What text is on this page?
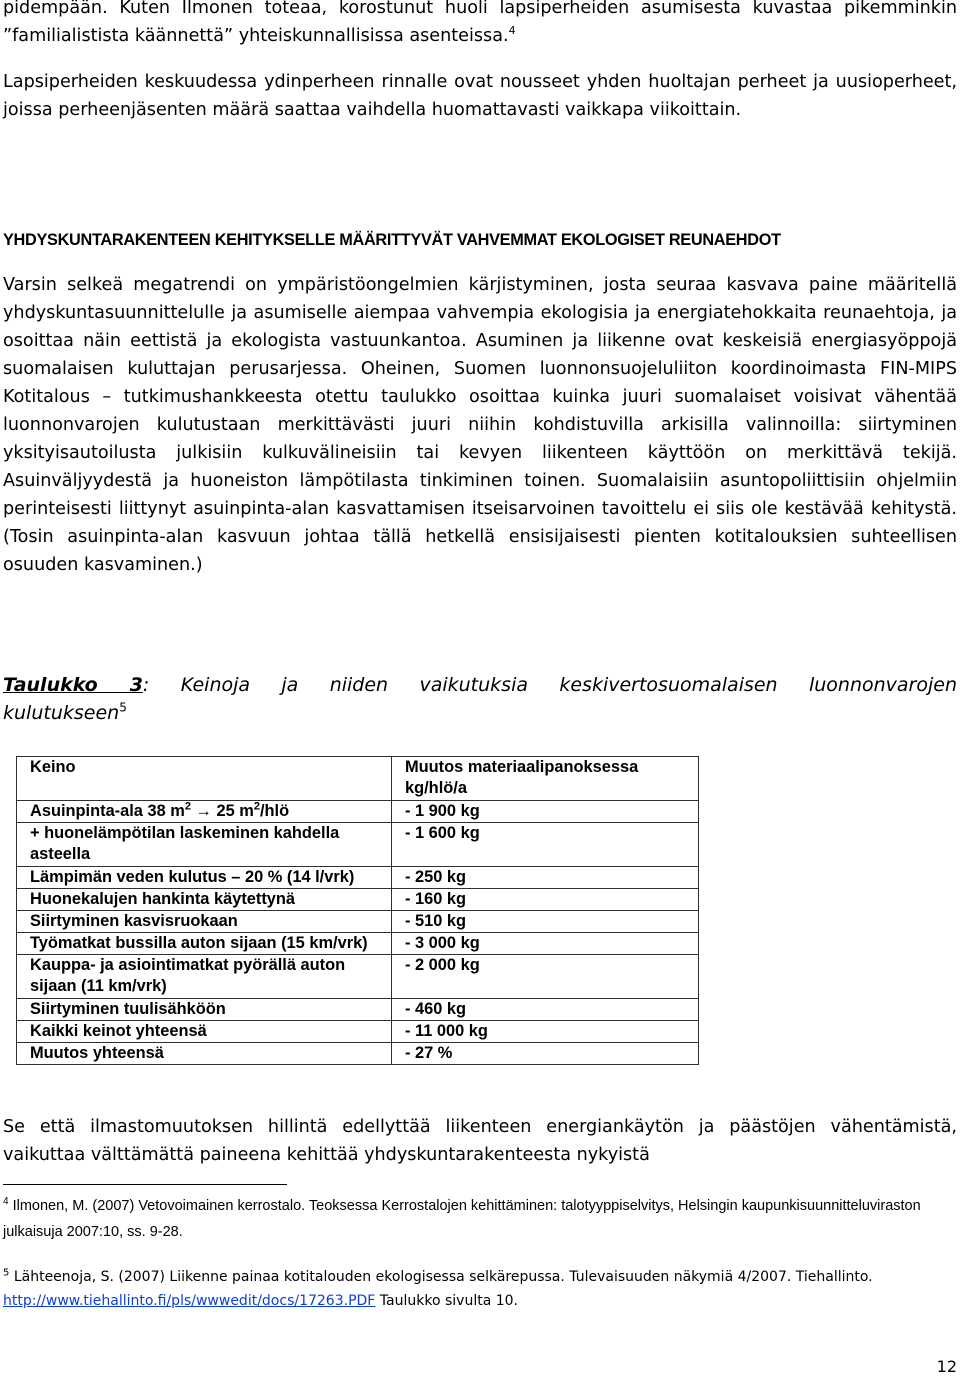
pidempään. Kuten Ilmonen toteaa, korostunut huoli lapsiperheiden asumisesta kuvastaa pikemminkin ”familialistista käännettä” yhteiskunnallisissa asenteissa.$^4$

Lapsiperheiden keskuudessa ydinperheen rinnalle ovat nousseet yhden huoltajan perheet ja uusioperheet, joissa perheenjäsenten määrä saattaa vaihdella huomattavasti vaikkapa viikoittain.

YHDYSKUNTARAKENTEEN KEHITYKSELLE MÄÄRITTYVÄT VAHVEMMAT EKOLOGISET REUNAEHDOT

Varsin selkeä megatrendi on ympäristöongelmien kärjistyminen, josta seuraa kasvava paine määritellä yhdyskuntasuunnittelulle ja asumiselle aiempaa vahvempia ekologisia ja energiatehokkaita reunaehtoja, ja osoittaa näin eettistä ja ekologista vastuunkantoa. Asuminen ja liikenne ovat keskeisiä energiasyöppojä suomalaisen kuluttajan perusarjessa. Oheinen, Suomen luonnonsuojeluliiton koordinoimasta FIN-MIPS Kotitalous – tutkimushankkeesta otettu taulukko osoittaa kuinka juuri suomalaiset voisivat vähentää luonnonvarojen kulutustaan merkittävästi juuri niihin kohdistuvilla arkisilla valinnoilla: siirtyminen yksityisautoilusta julkisiin kulkuvälineisiin tai kevyen liikenteen käyttöön on merkittävä tekijä. Asuinväljyydestä ja huoneiston lämpötilasta tinkiminen toinen. Suomalaisiin asuntopoliittisiin ohjelmiin perinteisesti liittynyt asuinpinta-alan kasvattamisen itseisarvoinen tavoittelu ei siis ole kestävää kehitystä. (Tosin asuinpinta-alan kasvuun johtaa tällä hetkellä ensisijaisesti pienten kotitalouksien suhteellisen osuuden kasvaminen.)

Taulukko 3: Keinoja ja niiden vaikutuksia keskivertosuomalaisen luonnonvarojen
kulutukseen$^5$
Keino	Muutos materiaalipanoksessa kg/hlö/a
Asuinpinta-ala 38 $m^2 \to 25$ $m^2$/hlö	- 1 900 kg
+ huonelämpötilan laskeminen kahdella asteella	- 1 600 kg
Lämpimän veden kulutus – 20 % (14 l/vrk)	- 250 kg
Huonekalujen hankinta käytettynä	- 160 kg
Siirtyminen kasvisruokaan	- 510 kg
Työmatkat bussilla auton sijaan (15 km/vrk)	- 3 000 kg
Kauppa- ja asiointimatkat pyörällä auton sijaan (11 km/vrk)	- 2 000 kg
Siirtyminen tuulisähköön	- 460 kg
Kaikki keinot yhteensä	- 11 000 kg
Muutos yhteensä	- 27 %

Se että ilmastomuutoksen hillintä edellyttää liikenteen energiankäytön ja päästöjen vähentämistä, vaikuttaa välttämättä paineena kehittää yhdyskuntarakenteesta nykyistä

$^4$ Ilmonen, M. (2007) Vetovoimainen kerrostalo. Teoksessa Kerrostalojen kehittäminen: talotyyppiselvitys, Helsingin kaupunkisuunnitteluviraston julkaisuja 2007:10, ss. 9-28.

$^5$ Lähteenoja, S. (2007) Liikenne painaa kotitalouden ekologisessa selkärepussa. Tulevaisuuden näkymiä 4/2007. Tiehallinto. http://www.tiehallinto.fi/pls/wwwedit/docs/17263.PDF Taulukko sivulta 10.

12
